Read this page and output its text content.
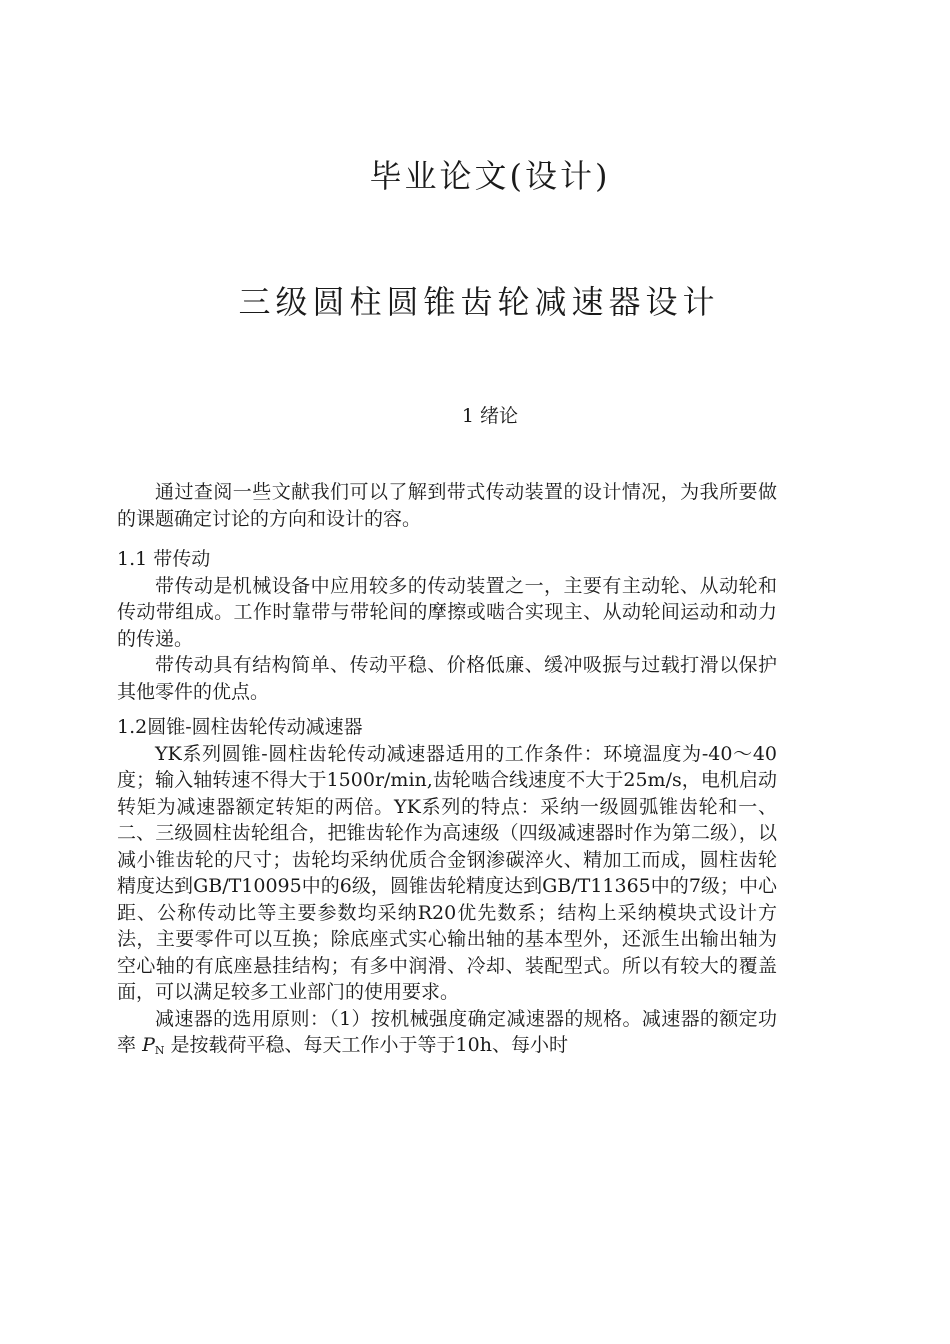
毕业论文(设计)
三级圆柱圆锥齿轮减速器设计
1 绪论

通过查阅一些文献我们可以了解到带式传动装置的设计情况，为我所要做的课题确定讨论的方向和设计的容。

1.1 带传动

带传动是机械设备中应用较多的传动装置之一，主要有主动轮、从动轮和传动带组成。工作时靠带与带轮间的摩擦或啮合实现主、从动轮间运动和动力的传递。

带传动具有结构简单、传动平稳、价格低廉、缓冲吸振与过载打滑以保护其他零件的优点。

1.2圆锥-圆柱齿轮传动减速器

YK系列圆锥-圆柱齿轮传动减速器适用的工作条件：环境温度为-40～40度；输入轴转速不得大于1500r/min,齿轮啮合线速度不大于25m/s，电机启动转矩为减速器额定转矩的两倍。YK系列的特点：采纳一级圆弧锥齿轮和一、二、三级圆柱齿轮组合，把锥齿轮作为高速级（四级减速器时作为第二级），以减小锥齿轮的尺寸；齿轮均采纳优质合金钢渗碳淬火、精加工而成，圆柱齿轮精度达到GB/T10095中的6级，圆锥齿轮精度达到GB/T11365中的7级；中心距、公称传动比等主要参数均采纳R20优先数系；结构上采纳模块式设计方法，主要零件可以互换；除底座式实心输出轴的基本型外，还派生出输出轴为空心轴的有底座悬挂结构；有多中润滑、冷却、装配型式。所以有较大的覆盖面，可以满足较多工业部门的使用要求。

减速器的选用原则：（1）按机械强度确定减速器的规格。减速器的额定功率 PN 是按载荷平稳、每天工作小于等于10h、每小时
